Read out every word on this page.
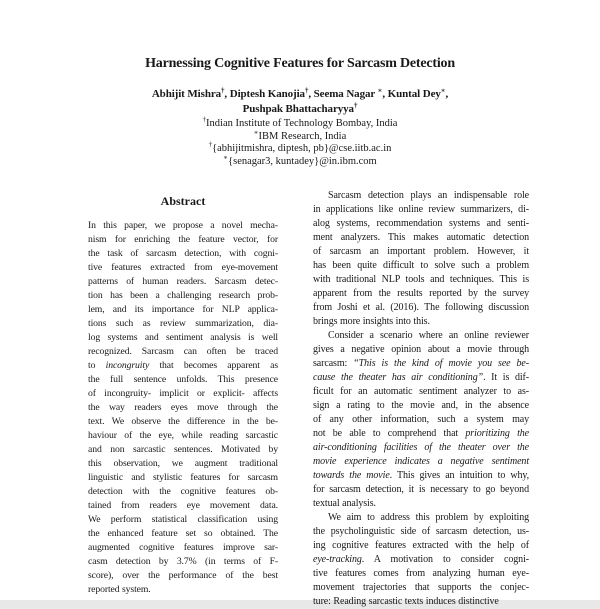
Harnessing Cognitive Features for Sarcasm Detection
Abhijit Mishra†, Diptesh Kanojia†, Seema Nagar ∗, Kuntal Dey∗,
Pushpak Bhattacharyya†
†Indian Institute of Technology Bombay, India
∗IBM Research, India
†{abhijitmishra, diptesh, pb}@cse.iitb.ac.in
∗{senagar3, kuntadey}@in.ibm.com
Abstract
In this paper, we propose a novel mecha-
nism for enriching the feature vector, for
the task of sarcasm detection, with cogni-
tive features extracted from eye-movement
patterns of human readers. Sarcasm detec-
tion has been a challenging research prob-
lem, and its importance for NLP applica-
tions such as review summarization, dia-
log systems and sentiment analysis is well
recognized. Sarcasm can often be traced
to incongruity that becomes apparent as
the full sentence unfolds. This presence
of incongruity- implicit or explicit- affects
the way readers eyes move through the
text. We observe the difference in the be-
haviour of the eye, while reading sarcastic
and non sarcastic sentences. Motivated by
this observation, we augment traditional
linguistic and stylistic features for sarcasm
detection with the cognitive features ob-
tained from readers eye movement data.
We perform statistical classification using
the enhanced feature set so obtained. The
augmented cognitive features improve sar-
casm detection by 3.7% (in terms of F-
score), over the performance of the best
reported system.
Sarcasm detection plays an indispensable role
in applications like online review summarizers, di-
alog systems, recommendation systems and senti-
ment analyzers. This makes automatic detection
of sarcasm an important problem. However, it
has been quite difficult to solve such a problem
with traditional NLP tools and techniques. This is
apparent from the results reported by the survey
from Joshi et al. (2016). The following discussion
brings more insights into this.
Consider a scenario where an online reviewer
gives a negative opinion about a movie through
sarcasm: “This is the kind of movie you see be-
cause the theater has air conditioning”. It is dif-
ficult for an automatic sentiment analyzer to as-
sign a rating to the movie and, in the absence
of any other information, such a system may
not be able to comprehend that prioritizing the
air-conditioning facilities of the theater over the
movie experience indicates a negative sentiment
towards the movie. This gives an intuition to why,
for sarcasm detection, it is necessary to go beyond
textual analysis.
We aim to address this problem by exploiting
the psycholinguistic side of sarcasm detection, us-
ing cognitive features extracted with the help of
eye-tracking. A motivation to consider cogni-
tive features comes from analyzing human eye-
movement trajectories that supports the conjec-
ture: Reading sarcastic texts induces distinctive
